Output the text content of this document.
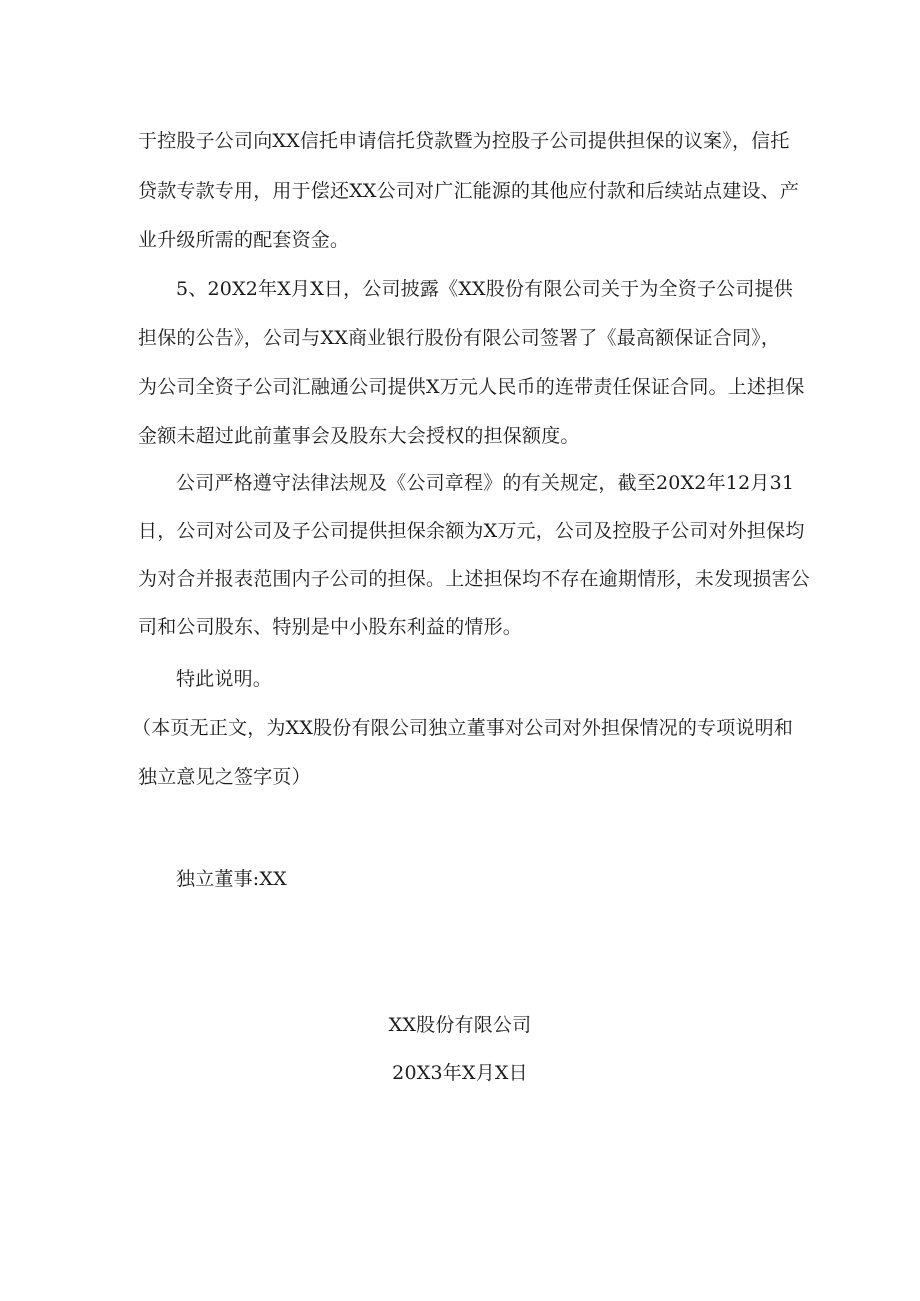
于控股子公司向XX信托申请信托贷款暨为控股子公司提供担保的议案》，信托
贷款专款专用，用于偿还XX公司对广汇能源的其他应付款和后续站点建设、产
业升级所需的配套资金。
5、20X2年X月X日，公司披露《XX股份有限公司关于为全资子公司提供
担保的公告》，公司与XX商业银行股份有限公司签署了《最高额保证合同》，
为公司全资子公司汇融通公司提供X万元人民币的连带责任保证合同。上述担保
金额未超过此前董事会及股东大会授权的担保额度。
公司严格遵守法律法规及《公司章程》的有关规定，截至20X2年12月31
日，公司对公司及子公司提供担保余额为X万元，公司及控股子公司对外担保均
为对合并报表范围内子公司的担保。上述担保均不存在逾期情形，未发现损害公
司和公司股东、特别是中小股东利益的情形。
特此说明。
（本页无正文，为XX股份有限公司独立董事对公司对外担保情况的专项说明和
独立意见之签字页）
独立董事:XX
XX股份有限公司
20X3年X月X日
